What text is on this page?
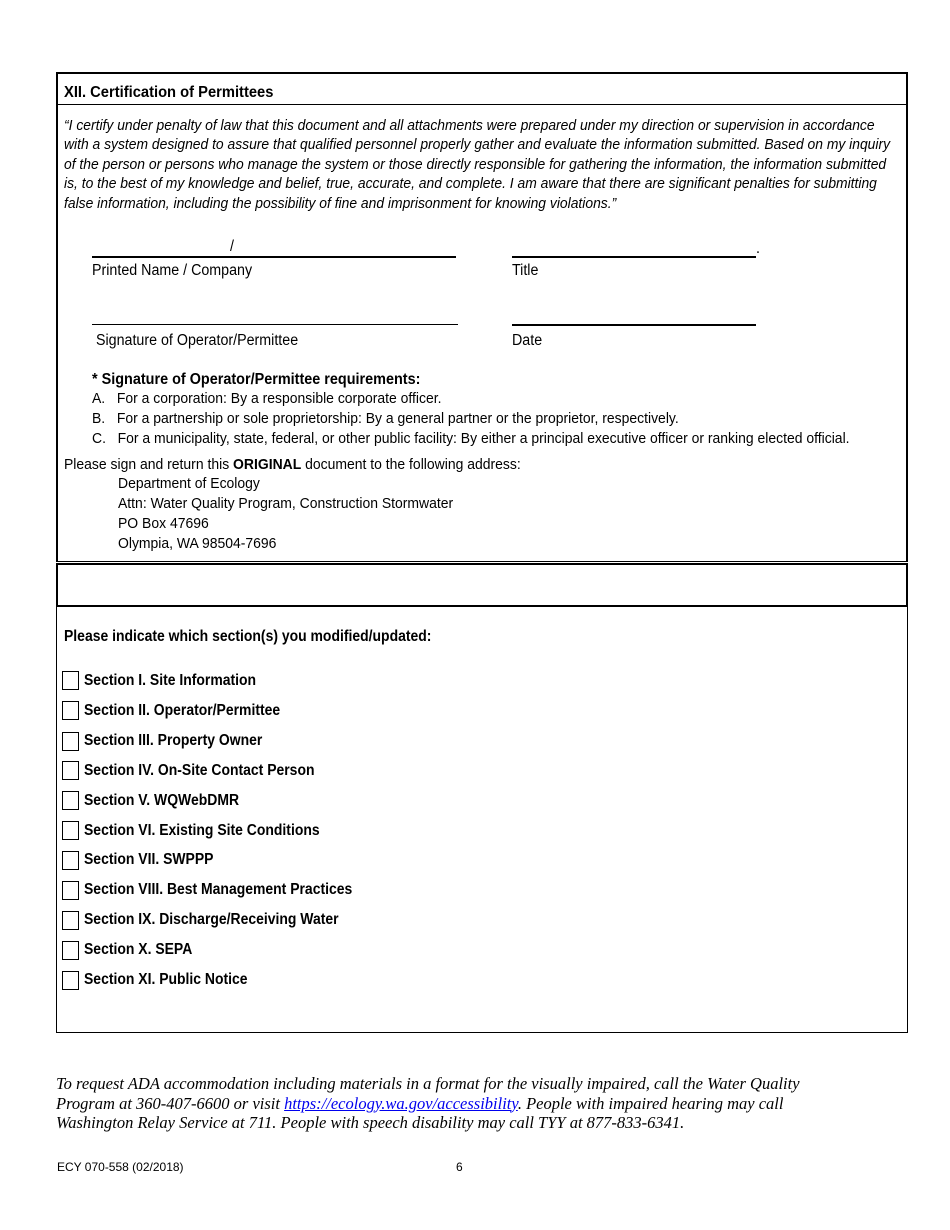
XII. Certification of Permittees
“I certify under penalty of law that this document and all attachments were prepared under my direction or supervision in accordance
with a system designed to assure that qualified personnel properly gather and evaluate the information submitted. Based on my inquiry
of the person or persons who manage the system or those directly responsible for gathering the information, the information submitted
is, to the best of my knowledge and belief, true, accurate, and complete. I am aware that there are significant penalties for submitting
false information, including the possibility of fine and imprisonment for knowing violations.”
/	.
Printed Name / Company	Title
Signature of Operator/Permittee	Date
* Signature of Operator/Permittee requirements:
A. For a corporation: By a responsible corporate officer.
B. For a partnership or sole proprietorship: By a general partner or the proprietor, respectively.
C. For a municipality, state, federal, or other public facility: By either a principal executive officer or ranking elected official.
Please sign and return this ORIGINAL document to the following address:
Department of Ecology
Attn: Water Quality Program, Construction Stormwater
PO Box 47696
Olympia, WA 98504-7696
Please indicate which section(s) you modified/updated:
Section I. Site Information
Section II. Operator/Permittee
Section III. Property Owner
Section IV. On-Site Contact Person
Section V. WQWebDMR
Section VI. Existing Site Conditions
Section VII. SWPPP
Section VIII. Best Management Practices
Section IX. Discharge/Receiving Water
Section X. SEPA
Section XI. Public Notice
To request ADA accommodation including materials in a format for the visually impaired, call the Water Quality
Program at 360-407-6600 or visit https://ecology.wa.gov/accessibility. People with impaired hearing may call
Washington Relay Service at 711. People with speech disability may call TYY at 877-833-6341.
ECY 070-558 (02/2018)	6
